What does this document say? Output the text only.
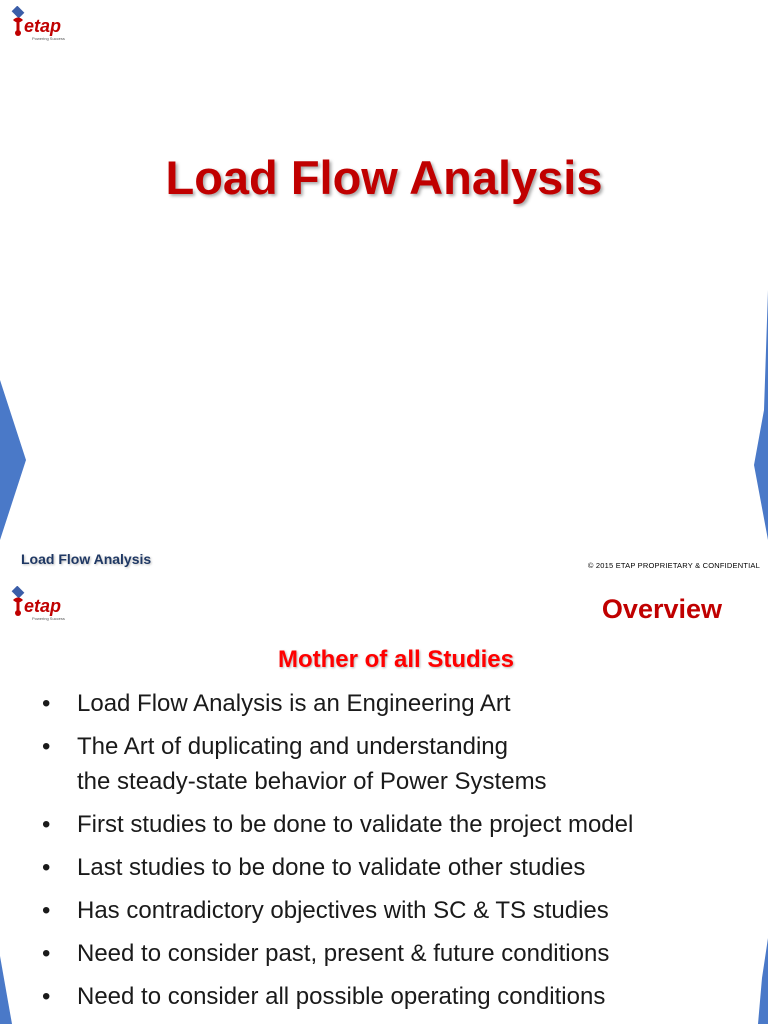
etap
Powering Success
Load Flow Analysis
Load Flow Analysis	© 2015 ETAP PROPRIETARY & CONFIDENTIAL
etap
Powering Success	Overview
Mother of all Studies
• Load Flow Analysis is an Engineering Art
• The Art of duplicating and understanding
the steady-state behavior of Power Systems
• First studies to be done to validate the project model
• Last studies to be done to validate other studies
• Has contradictory objectives with SC & TS studies
• Need to consider past, present & future conditions
• Need to consider all possible operating conditions
